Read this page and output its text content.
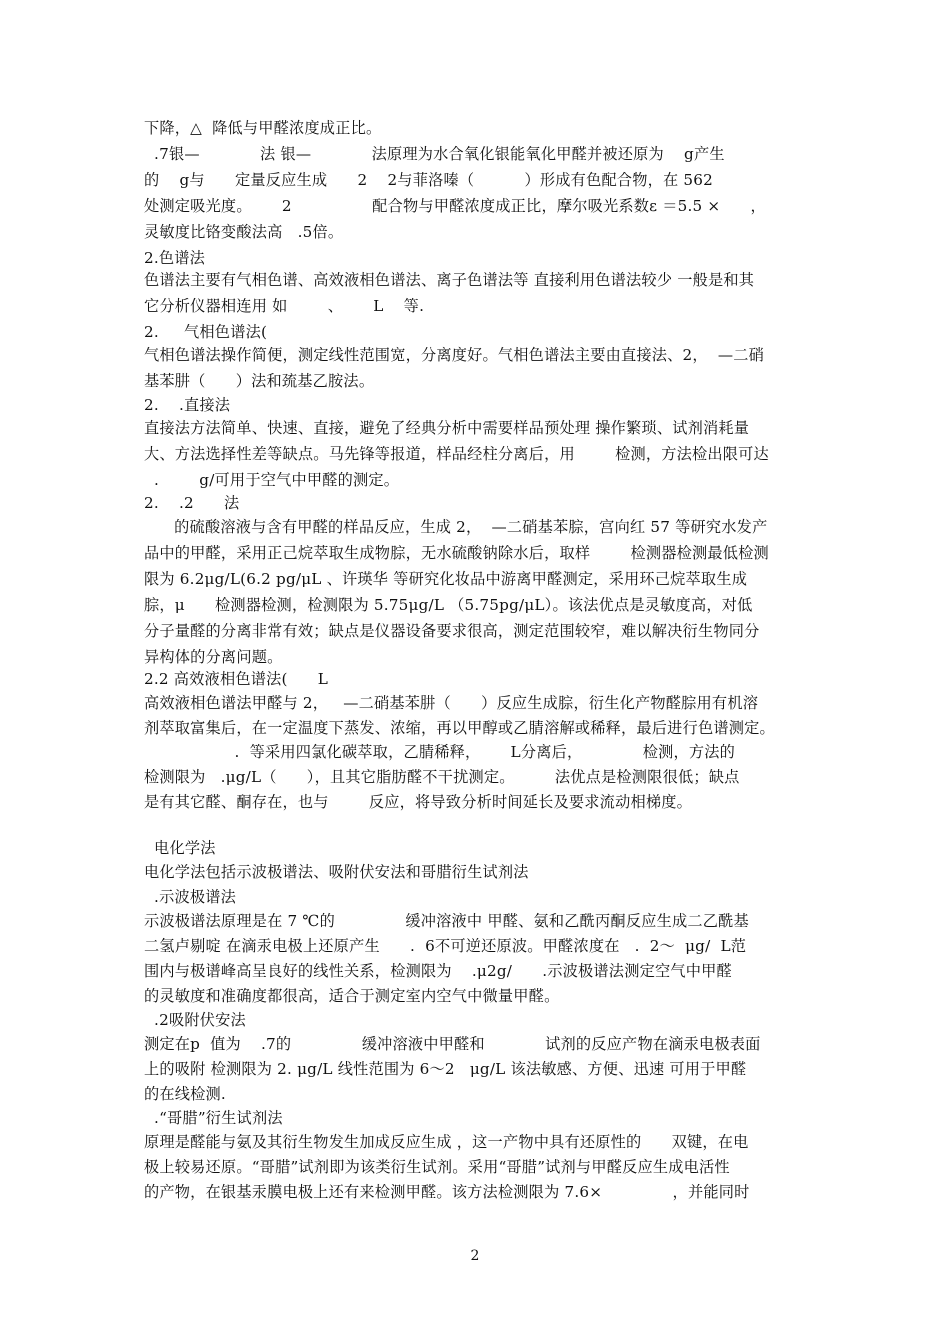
下降，△  降低与甲醛浓度成正比。
.7银—            法 银—            法原理为水合氧化银能氧化甲醛并被还原为    g产生
的    g与      定量反应生成      2    2与菲洛嗪（          ）形成有色配合物，在 562
处测定吸光度。      2                配合物与甲醛浓度成正比，摩尔吸光系数ε ＝5.5 ×      ，
灵敏度比铬变酸法高   .5倍。
2.色谱法
色谱法主要有气相色谱、高效液相色谱法、离子色谱法等 直接利用色谱法较少 一般是和其
它分析仪器相连用 如        、      L    等.
2.     气相色谱法(
气相色谱法操作简便，测定线性范围宽，分离度好。气相色谱法主要由直接法、2，  —二硝
基苯肼（      ）法和巯基乙胺法。
2.    .直接法
直接法方法简单、快速、直接，避免了经典分析中需要样品预处理 操作繁琐、试剂消耗量
大、方法选择性差等缺点。马先锋等报道，样品经柱分离后，用        检测，方法检出限可达
.        g/可用于空气中甲醛的测定。
2.    .2      法
的硫酸溶液与含有甲醛的样品反应，生成 2，  —二硝基苯腙，宫向红 57 等研究水发产
品中的甲醛，采用正己烷萃取生成物腙，无水硫酸钠除水后，取样        检测器检测最低检测
限为 6.2μg/L(6.2 pg/μL 、许瑛华 等研究化妆品中游离甲醛测定，采用环己烷萃取生成
腙，μ      检测器检测，检测限为 5.75μg/L （5.75pg/μL）。该法优点是灵敏度高，对低
分子量醛的分离非常有效；缺点是仪器设备要求很高，测定范围较窄，难以解决衍生物同分
异构体的分离问题。
2.2 高效液相色谱法(      L
高效液相色谱法甲醛与 2，   —二硝基苯肼（      ）反应生成腙，衍生化产物醛腙用有机溶
剂萃取富集后，在一定温度下蒸发、浓缩，再以甲醇或乙腈溶解或稀释，最后进行色谱测定。
.  等采用四氯化碳萃取，乙腈稀释，      L分离后，            检测，方法的
检测限为   .μg/L（      ），且其它脂肪醛不干扰测定。        法优点是检测限很低；缺点
是有其它醛、酮存在，也与        反应，将导致分析时间延长及要求流动相梯度。
电化学法
电化学法包括示波极谱法、吸附伏安法和哥腊衍生试剂法
.示波极谱法
示波极谱法原理是在 7 ℃的              缓冲溶液中 甲醛、氨和乙酰丙酮反应生成二乙酰基
二氢卢剔啶 在滴汞电极上还原产生      .  6不可逆还原波。甲醛浓度在   .  2～  μg/  L范
围内与极谱峰高呈良好的线性关系，检测限为    .μ2g/      .示波极谱法测定空气中甲醛
的灵敏度和准确度都很高，适合于测定室内空气中微量甲醛。
.2吸附伏安法
测定在p  值为    .7的              缓冲溶液中甲醛和            试剂的反应产物在滴汞电极表面
上的吸附 检测限为 2. μg/L 线性范围为 6～2   μg/L 该法敏感、方便、迅速 可用于甲醛
的在线检测.
.“哥腊”衍生试剂法
原理是醛能与氨及其衍生物发生加成反应生成 ，这一产物中具有还原性的      双键，在电
极上较易还原。“哥腊”试剂即为该类衍生试剂。采用“哥腊”试剂与甲醛反应生成电活性
的产物，在银基汞膜电极上还有来检测甲醛。该方法检测限为 7.6×              ，并能同时
2
